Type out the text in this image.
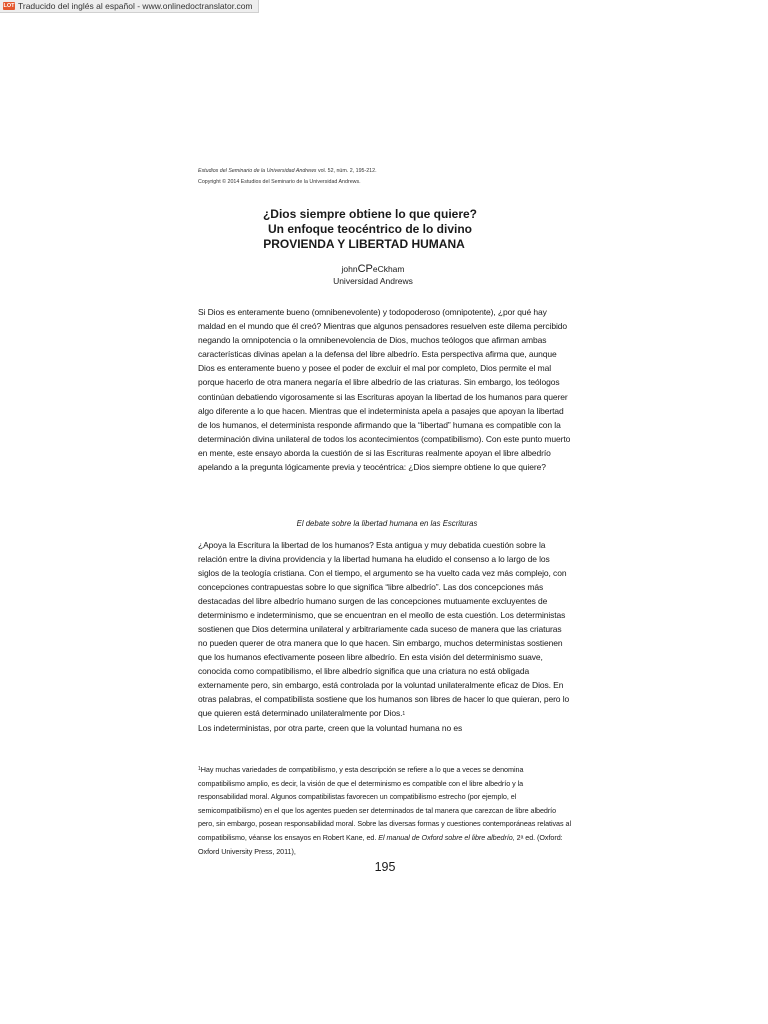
LOT Traducido del inglés al español - www.onlinedoctranslator.com
Estudios del Seminario de la Universidad Andrews vol. 52, núm. 2, 195-212.
Copyright © 2014 Estudios del Seminario de la Universidad Andrews.
¿Dios siempre obtiene lo que quiere?
Un enfoque teocéntrico de lo divino
PROVIENDA Y LIBERTAD HUMANA
johnCPeCkham
Universidad Andrews

Si Dios es enteramente bueno (omnibenevolente) y todopoderoso (omnipotente), ¿por qué hay maldad en el mundo que él creó? Mientras que algunos pensadores resuelven este dilema percibido negando la omnipotencia o la omnibenevolencia de Dios, muchos teólogos que afirman ambas características divinas apelan a la defensa del libre albedrío. Esta perspectiva afirma que, aunque Dios es enteramente bueno y posee el poder de excluir el mal por completo, Dios permite el mal porque hacerlo de otra manera negaría el libre albedrío de las criaturas. Sin embargo, los teólogos continúan debatiendo vigorosamente si las Escrituras apoyan la libertad de los humanos para querer algo diferente a lo que hacen. Mientras que el indeterminista apela a pasajes que apoyan la libertad de los humanos, el determinista responde afirmando que la “libertad” humana es compatible con la determinación divina unilateral de todos los acontecimientos (compatibilismo). Con este punto muerto en mente, este ensayo aborda la cuestión de si las Escrituras realmente apoyan el libre albedrío apelando a la pregunta lógicamente previa y teocéntrica: ¿Dios siempre obtiene lo que quiere?

El debate sobre la libertad humana en las Escrituras

¿Apoya la Escritura la libertad de los humanos? Esta antigua y muy debatida cuestión sobre la relación entre la divina providencia y la libertad humana ha eludido el consenso a lo largo de los siglos de la teología cristiana. Con el tiempo, el argumento se ha vuelto cada vez más complejo, con concepciones contrapuestas sobre lo que significa “libre albedrío”. Las dos concepciones más destacadas del libre albedrío humano surgen de las concepciones mutuamente excluyentes de determinismo e indeterminismo, que se encuentran en el meollo de esta cuestión. Los deterministas sostienen que Dios determina unilateral y arbitrariamente cada suceso de manera que las criaturas no pueden querer de otra manera que lo que hacen. Sin embargo, muchos deterministas sostienen que los humanos efectivamente poseen libre albedrío. En esta visión del determinismo suave, conocida como compatibilismo, el libre albedrío significa que una criatura no está obligada externamente pero, sin embargo, está controlada por la voluntad unilateralmente eficaz de Dios. En otras palabras, el compatibilista sostiene que los humanos son libres de hacer lo que quieran, pero lo que quieren está determinado unilateralmente por Dios.1
Los indeterministas, por otra parte, creen que la voluntad humana no es

$^1$Hay muchas variedades de compatibilismo, y esta descripción se refiere a lo que a veces se denomina compatibilismo amplio, es decir, la visión de que el determinismo es compatible con el libre albedrío y la responsabilidad moral. Algunos compatibilistas favorecen un compatibilismo estrecho (por ejemplo, el semicompatibilismo) en el que los agentes pueden ser determinados de tal manera que carezcan de libre albedrío pero, sin embargo, posean responsabilidad moral. Sobre las diversas formas y cuestiones contemporáneas relativas al compatibilismo, véanse los ensayos en Robert Kane, ed. El manual de Oxford sobre el libre albedrío, 2a ed. (Oxford: Oxford University Press, 2011),
195
